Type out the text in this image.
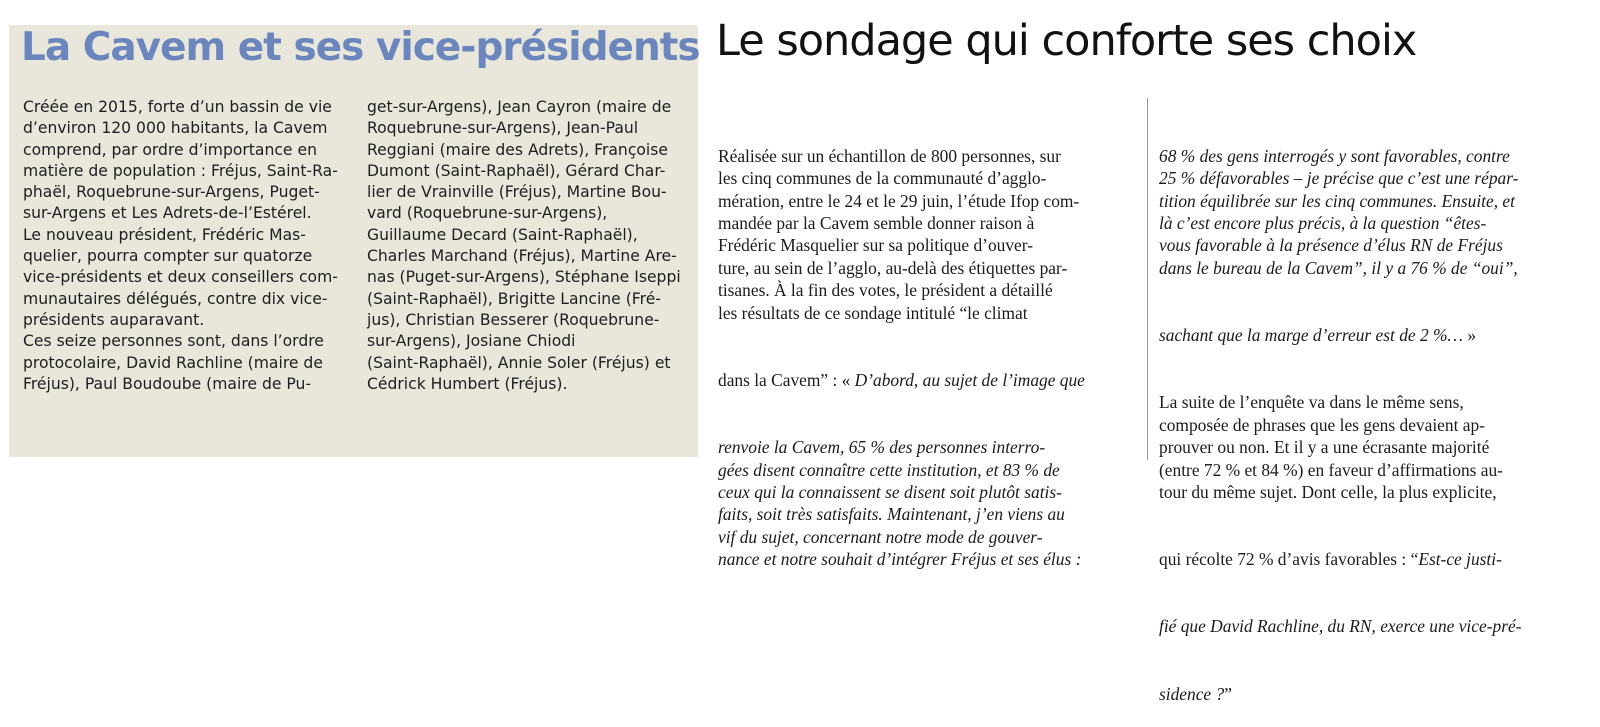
La Cavem et ses vice-présidents
Créée en 2015, forte d’un bassin de vie
d’environ 120 000 habitants, la Cavem
comprend, par ordre d’importance en
matière de population : Fréjus, Saint-Ra-
phaël, Roquebrune-sur-Argens, Puget-
sur-Argens et Les Adrets-de-l’Estérel.
Le nouveau président, Frédéric Mas-
quelier, pourra compter sur quatorze
vice-présidents et deux conseillers com-
munautaires délégués, contre dix vice-
présidents auparavant.
Ces seize personnes sont, dans l’ordre
protocolaire, David Rachline (maire de
Fréjus), Paul Boudoube (maire de Pu-
get-sur-Argens), Jean Cayron (maire de
Roquebrune-sur-Argens), Jean-Paul
Reggiani (maire des Adrets), Françoise
Dumont (Saint-Raphaël), Gérard Char-
lier de Vrainville (Fréjus), Martine Bou-
vard (Roquebrune-sur-Argens),
Guillaume Decard (Saint-Raphaël),
Charles Marchand (Fréjus), Martine Are-
nas (Puget-sur-Argens), Stéphane Iseppi
(Saint-Raphaël), Brigitte Lancine (Fré-
jus), Christian Besserer (Roquebrune-
sur-Argens), Josiane Chiodi
(Saint-Raphaël), Annie Soler (Fréjus) et
Cédrick Humbert (Fréjus).
Le sondage qui conforte ses choix

Réalisée sur un échantillon de 800 personnes, sur
les cinq communes de la communauté d’agglo-
mération, entre le 24 et le 29 juin, l’étude Ifop com-
mandée par la Cavem semble donner raison à
Frédéric Masquelier sur sa politique d’ouver-
ture, au sein de l’agglo, au-delà des étiquettes par-
tisanes. À la fin des votes, le président a détaillé
les résultats de ce sondage intitulé “le climat

dans la Cavem” : « D’abord, au sujet de l’image que

renvoie la Cavem, 65 % des personnes interro-
gées disent connaître cette institution, et 83 % de
ceux qui la connaissent se disent soit plutôt satis-
faits, soit très satisfaits. Maintenant, j’en viens au
vif du sujet, concernant notre mode de gouver-
nance et notre souhait d’intégrer Fréjus et ses élus :

68 % des gens interrogés y sont favorables, contre
25 % défavorables – je précise que c’est une répar-
tition équilibrée sur les cinq communes. Ensuite, et
là c’est encore plus précis, à la question “êtes-
vous favorable à la présence d’élus RN de Fréjus
dans le bureau de la Cavem”, il y a 76 % de “oui”,

sachant que la marge d’erreur est de 2 %… »

La suite de l’enquête va dans le même sens,
composée de phrases que les gens devaient ap-
prouver ou non. Et il y a une écrasante majorité
(entre 72 % et 84 %) en faveur d’affirmations au-
tour du même sujet. Dont celle, la plus explicite,

qui récolte 72 % d’avis favorables : “Est-ce justi-

fié que David Rachline, du RN, exerce une vice-pré-

sidence ?”
